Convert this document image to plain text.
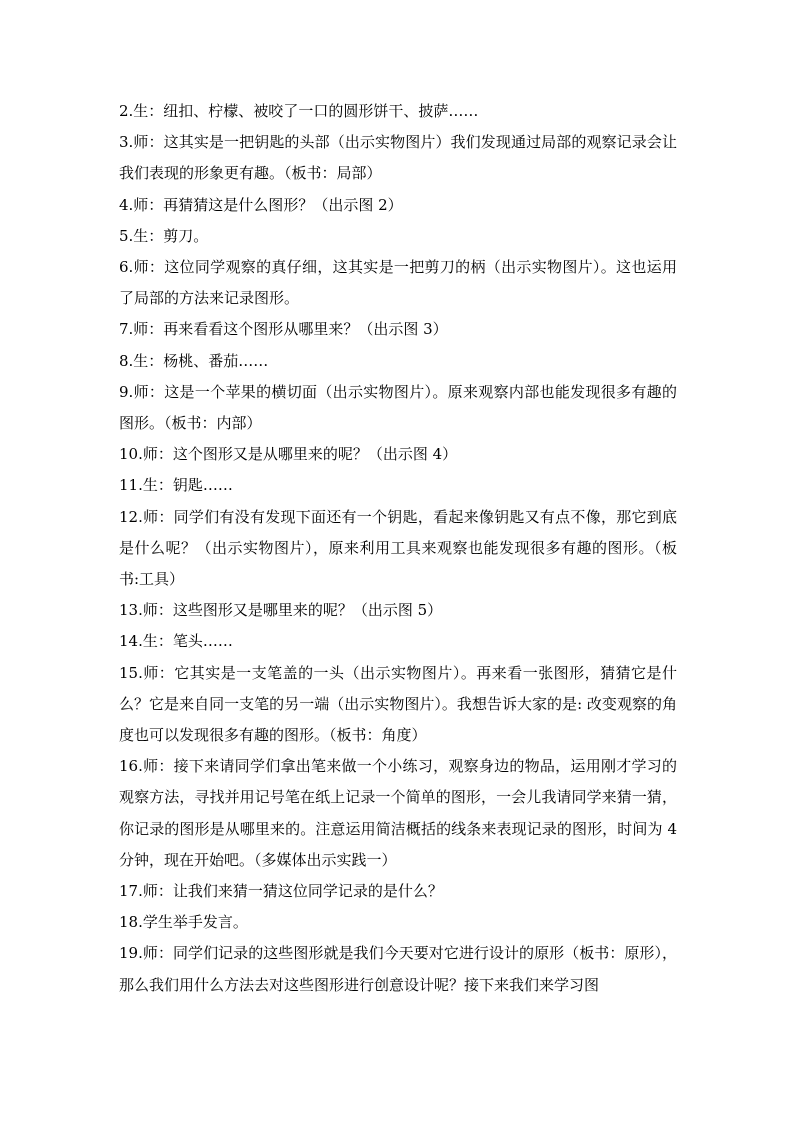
2.生：纽扣、柠檬、被咬了一口的圆形饼干、披萨……

3.师：这其实是一把钥匙的头部（出示实物图片）我们发现通过局部的观察记录会让我们表现的形象更有趣。（板书：局部）

4.师：再猜猜这是什么图形？（出示图 2）

5.生：剪刀。

6.师：这位同学观察的真仔细，这其实是一把剪刀的柄（出示实物图片）。这也运用了局部的方法来记录图形。

7.师：再来看看这个图形从哪里来？（出示图 3）

8.生：杨桃、番茄……

9.师：这是一个苹果的横切面（出示实物图片）。原来观察内部也能发现很多有趣的图形。（板书：内部）

10.师：这个图形又是从哪里来的呢？（出示图 4）

11.生：钥匙……

12.师：同学们有没有发现下面还有一个钥匙，看起来像钥匙又有点不像，那它到底是什么呢？（出示实物图片），原来利用工具来观察也能发现很多有趣的图形。（板书:工具）

13.师：这些图形又是哪里来的呢？（出示图 5）

14.生：笔头……

15.师：它其实是一支笔盖的一头（出示实物图片）。再来看一张图形，猜猜它是什么？它是来自同一支笔的另一端（出示实物图片）。我想告诉大家的是: 改变观察的角度也可以发现很多有趣的图形。（板书：角度）

16.师：接下来请同学们拿出笔来做一个小练习，观察身边的物品，运用刚才学习的观察方法，寻找并用记号笔在纸上记录一个简单的图形，一会儿我请同学来猜一猜，你记录的图形是从哪里来的。注意运用简洁概括的线条来表现记录的图形，时间为 4 分钟，现在开始吧。（多媒体出示实践一）

17.师：让我们来猜一猜这位同学记录的是什么？

18.学生举手发言。

19.师：同学们记录的这些图形就是我们今天要对它进行设计的原形（板书：原形），那么我们用什么方法去对这些图形进行创意设计呢？接下来我们来学习图
